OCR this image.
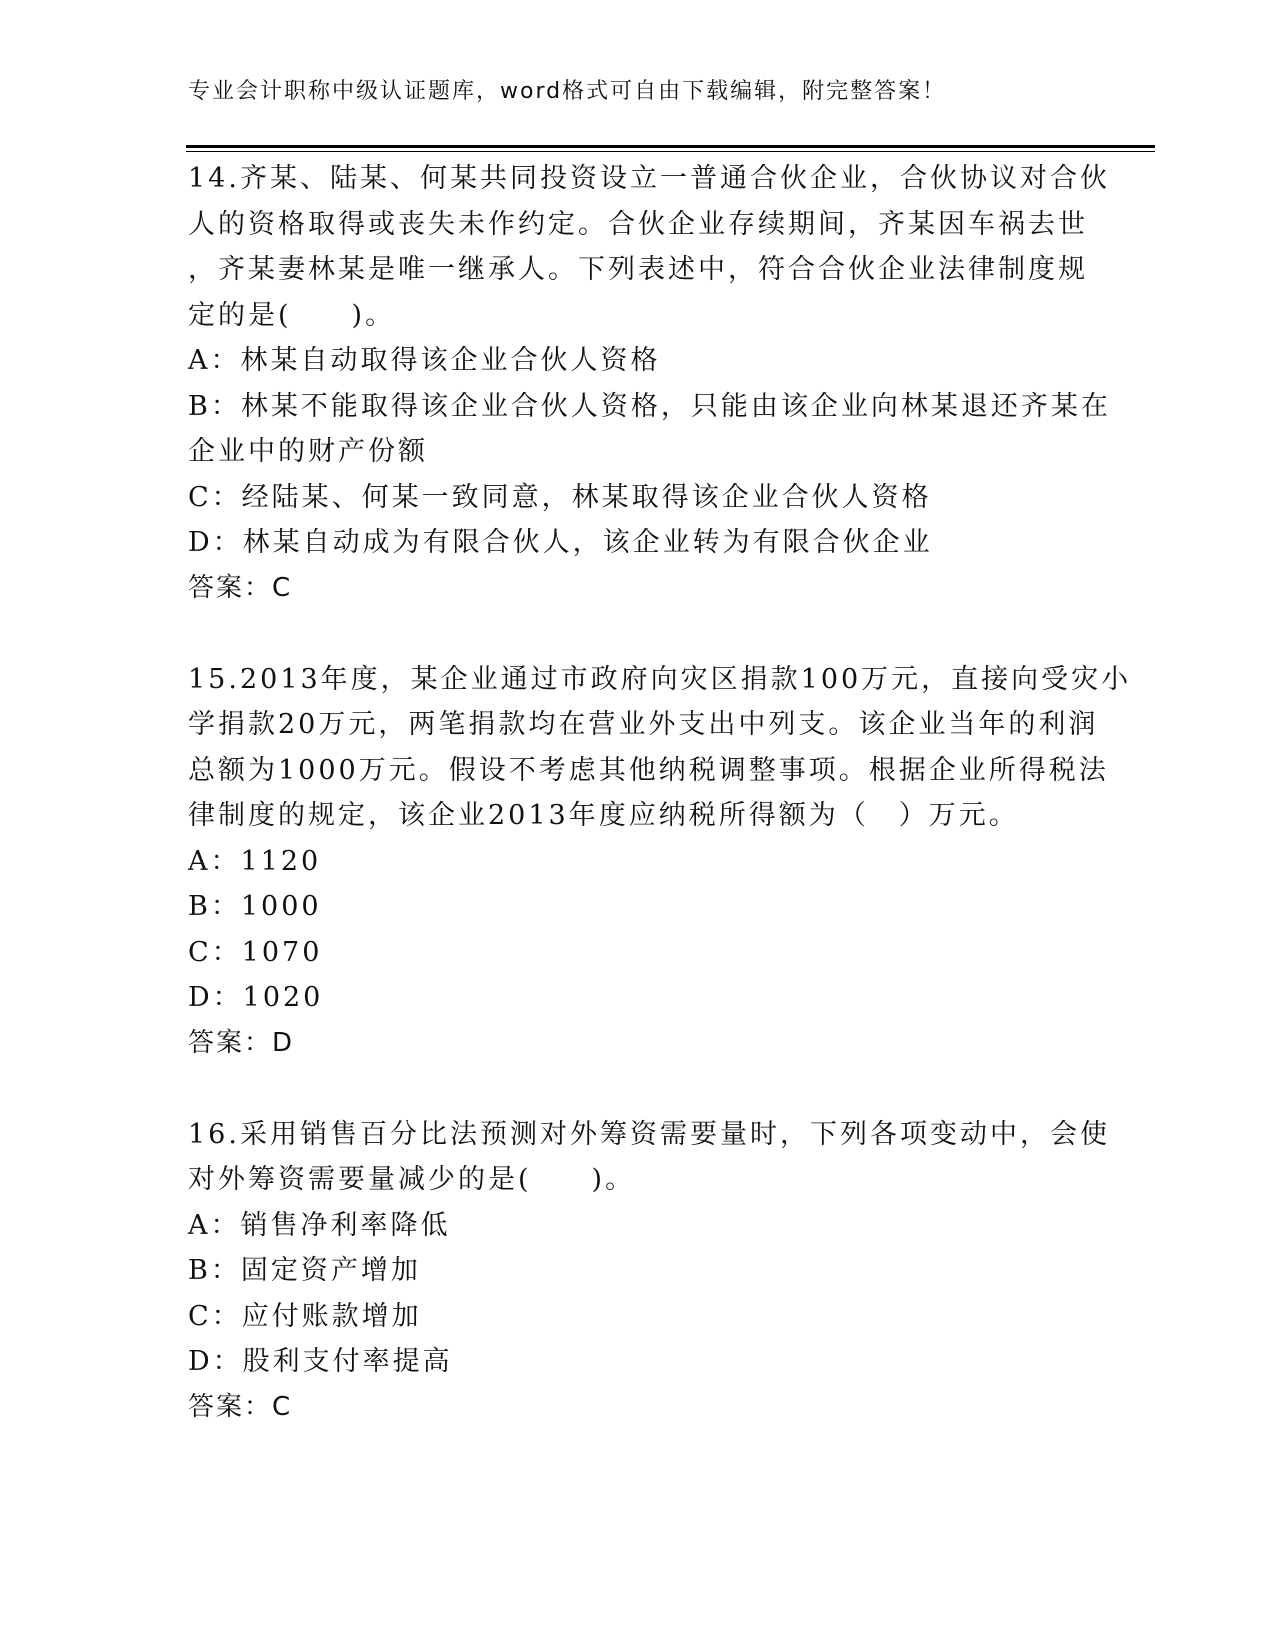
专业会计职称中级认证题库，word格式可自由下载编辑，附完整答案！
14.齐某、陆某、何某共同投资设立一普通合伙企业，合伙协议对合伙
人的资格取得或丧失未作约定。合伙企业存续期间，齐某因车祸去世
，齐某妻林某是唯一继承人。下列表述中，符合合伙企业法律制度规
定的是(　　)。
A：林某自动取得该企业合伙人资格
B：林某不能取得该企业合伙人资格，只能由该企业向林某退还齐某在
企业中的财产份额
C：经陆某、何某一致同意，林某取得该企业合伙人资格
D：林某自动成为有限合伙人，该企业转为有限合伙企业
答案：C
15.2013年度，某企业通过市政府向灾区捐款100万元，直接向受灾小
学捐款20万元，两笔捐款均在营业外支出中列支。该企业当年的利润
总额为1000万元。假设不考虑其他纳税调整事项。根据企业所得税法
律制度的规定，该企业2013年度应纳税所得额为（　）万元。
A：1120
B：1000
C：1070
D：1020
答案：D
16.采用销售百分比法预测对外筹资需要量时，下列各项变动中，会使
对外筹资需要量减少的是(　　)。
A：销售净利率降低
B：固定资产增加
C：应付账款增加
D：股利支付率提高
答案：C
